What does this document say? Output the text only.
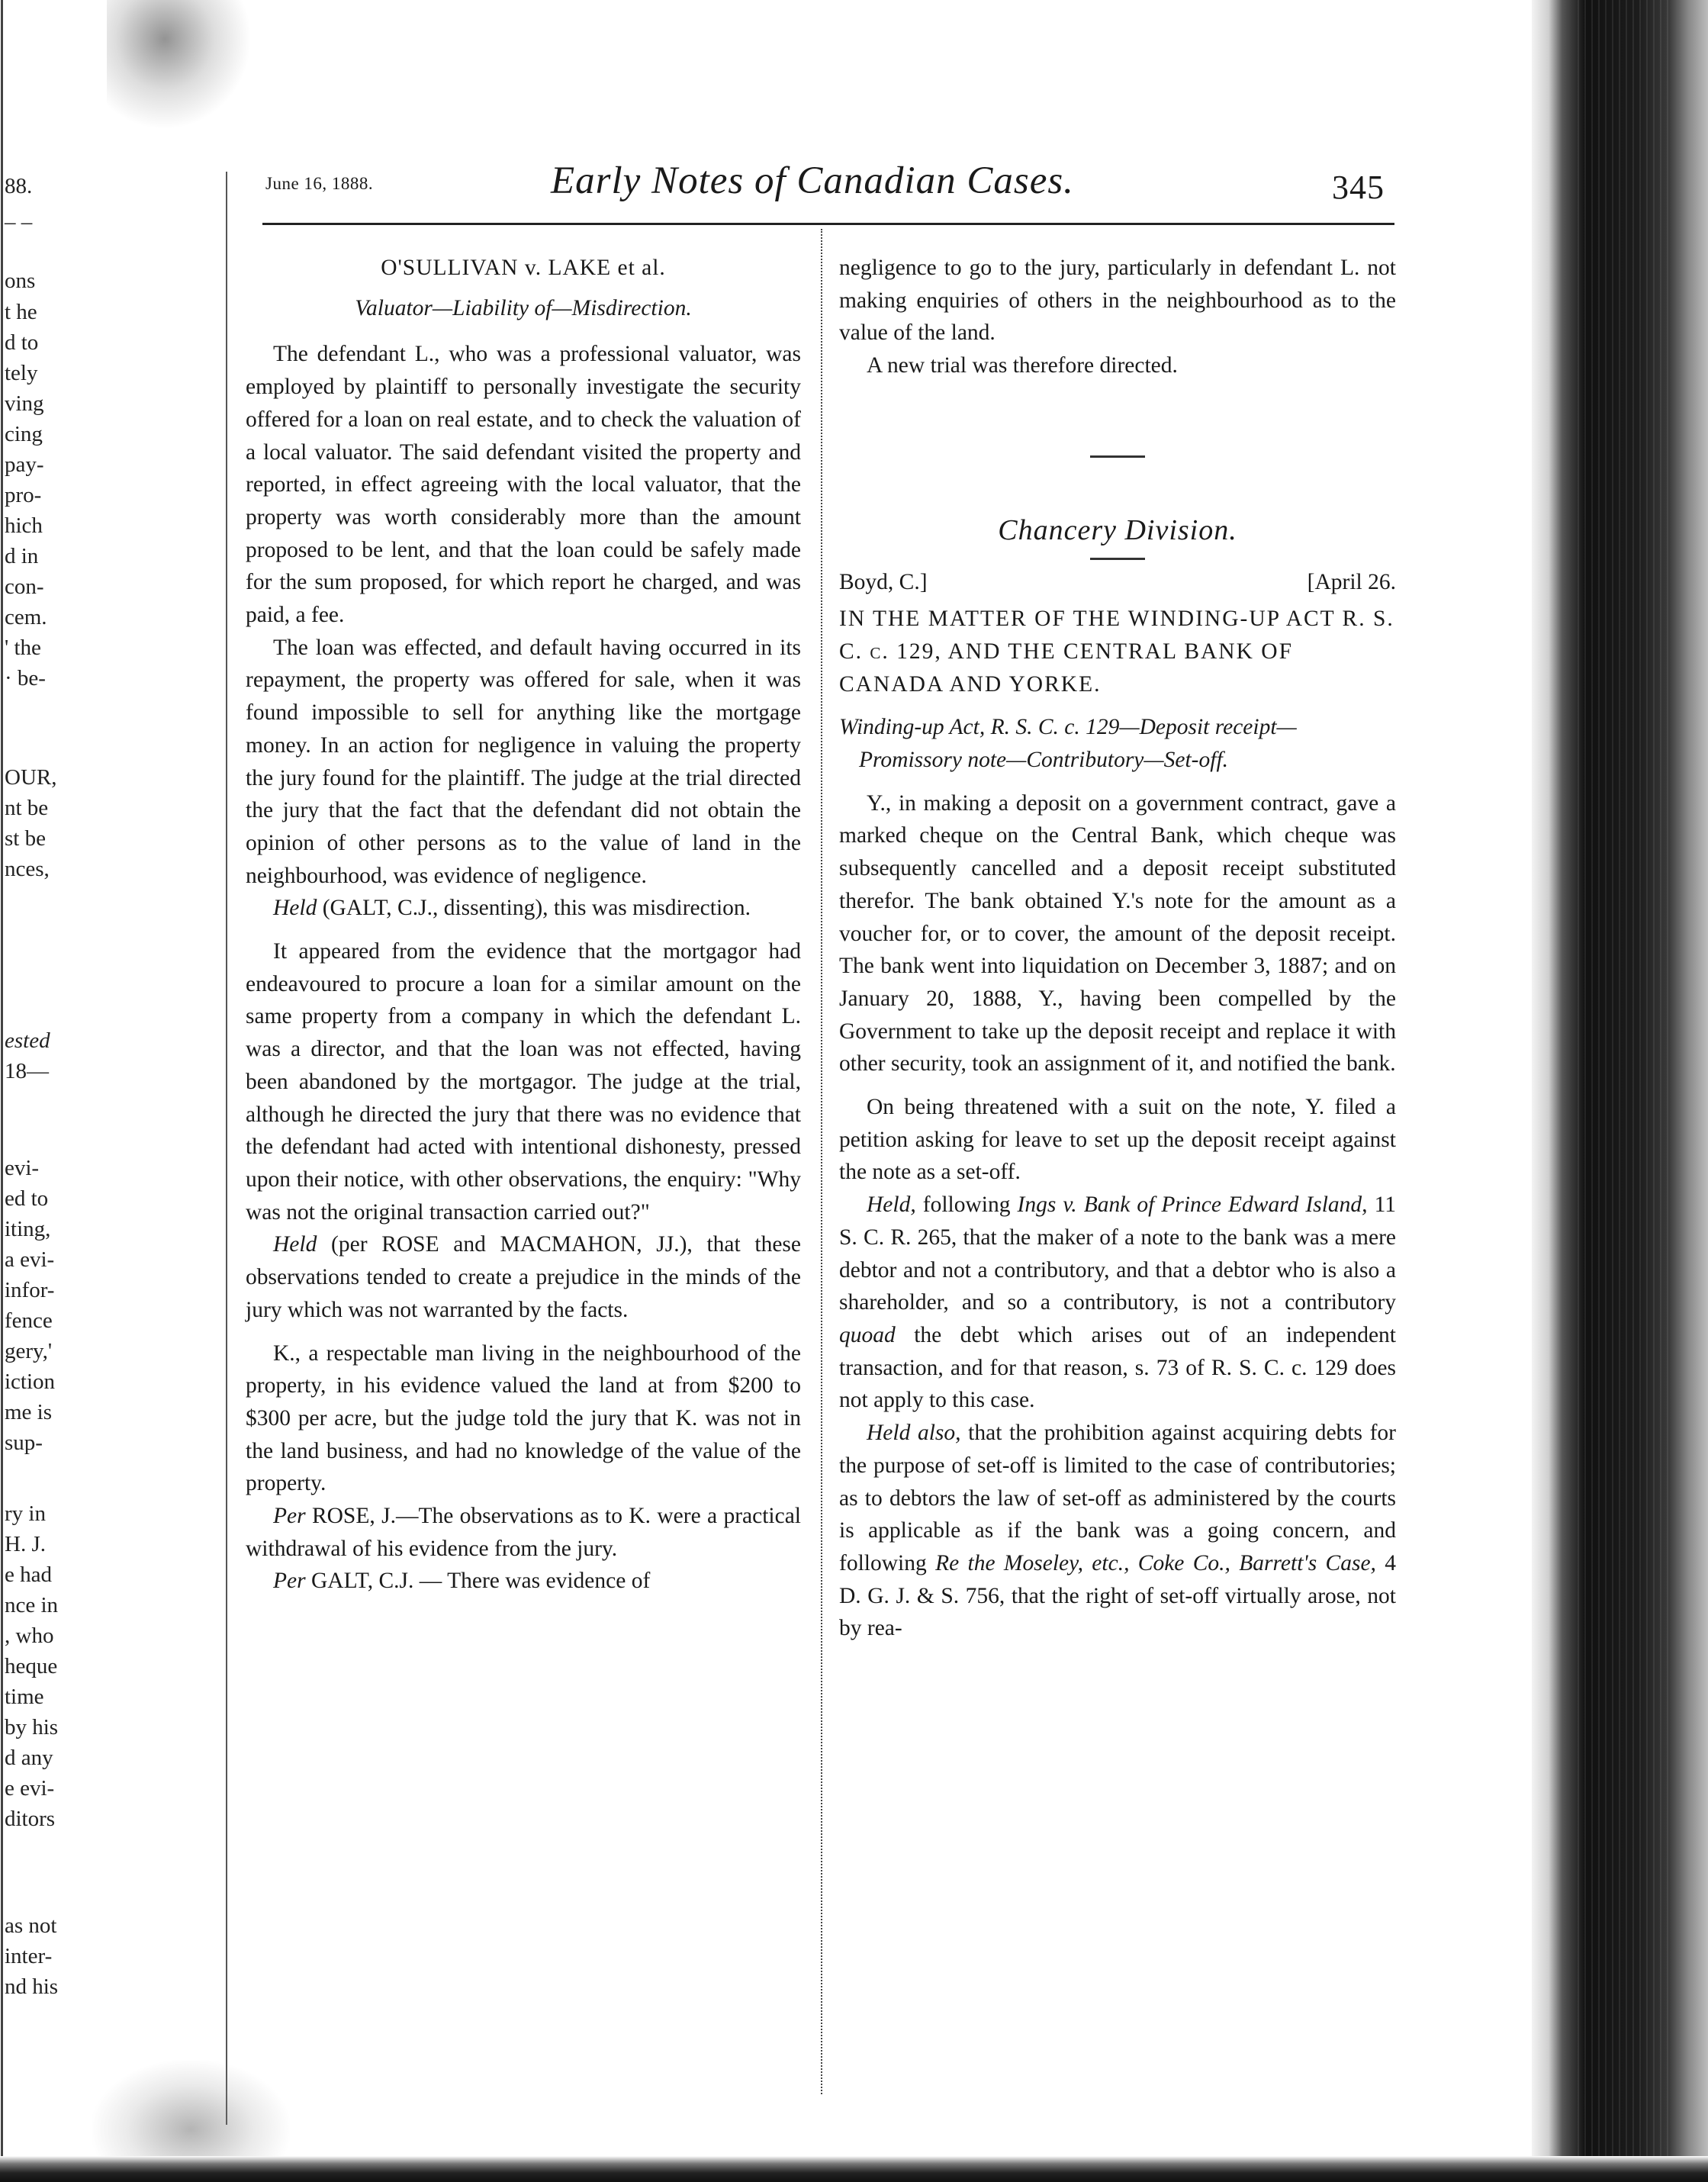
88.
– –
ons
t he
d to
tely
ving
cing
pay-
pro-
hich
d in
con-
cem.
' the
· be-
OUR,
nt be
st be
nces,
ested
18—
evi-
ed to
iting,
a evi-
infor-
fence
gery,'
iction
me is
sup-
ry in
H. J.
e had
nce in
, who
heque
time
by his
d any
e evi-
ditors
as not
inter-
nd his
June 16, 1888.	Early Notes of Canadian Cases.	345

O'SULLIVAN v. LAKE et al.

Valuator—Liability of—Misdirection.

The defendant L., who was a professional valuator, was employed by plaintiff to personally investigate the security offered for a loan on real estate, and to check the valuation of a local valuator. The said defendant visited the property and reported, in effect agreeing with the local valuator, that the property was worth considerably more than the amount proposed to be lent, and that the loan could be safely made for the sum proposed, for which report he charged, and was paid, a fee.

The loan was effected, and default having occurred in its repayment, the property was offered for sale, when it was found impossible to sell for anything like the mortgage money. In an action for negligence in valuing the property the jury found for the plaintiff. The judge at the trial directed the jury that the fact that the defendant did not obtain the opinion of other persons as to the value of land in the neighbourhood, was evidence of negligence.

Held (GALT, C.J., dissenting), this was misdirection.

It appeared from the evidence that the mortgagor had endeavoured to procure a loan for a similar amount on the same property from a company in which the defendant L. was a director, and that the loan was not effected, having been abandoned by the mortgagor. The judge at the trial, although he directed the jury that there was no evidence that the defendant had acted with intentional dishonesty, pressed upon their notice, with other observations, the enquiry: "Why was not the original transaction carried out?"

Held (per ROSE and MACMAHON, JJ.), that these observations tended to create a prejudice in the minds of the jury which was not warranted by the facts.

K., a respectable man living in the neighbourhood of the property, in his evidence valued the land at from $200 to $300 per acre, but the judge told the jury that K. was not in the land business, and had no knowledge of the value of the property.

Per ROSE, J.—The observations as to K. were a practical withdrawal of his evidence from the jury.

Per GALT, C.J. — There was evidence of

negligence to go to the jury, particularly in defendant L. not making enquiries of others in the neighbourhood as to the value of the land.

A new trial was therefore directed.

Chancery Division.

Boyd, C.]	[April 26.

IN THE MATTER OF THE WINDING-UP ACT R. S. C. c. 129, AND THE CENTRAL BANK OF CANADA AND YORKE.

Winding-up Act, R. S. C. c. 129—Deposit receipt—Promissory note—Contributory—Set-off.

Y., in making a deposit on a government contract, gave a marked cheque on the Central Bank, which cheque was subsequently cancelled and a deposit receipt substituted therefor. The bank obtained Y.'s note for the amount as a voucher for, or to cover, the amount of the deposit receipt. The bank went into liquidation on December 3, 1887; and on January 20, 1888, Y., having been compelled by the Government to take up the deposit receipt and replace it with other security, took an assignment of it, and notified the bank.

On being threatened with a suit on the note, Y. filed a petition asking for leave to set up the deposit receipt against the note as a set-off.

Held, following Ings v. Bank of Prince Edward Island, 11 S. C. R. 265, that the maker of a note to the bank was a mere debtor and not a contributory, and that a debtor who is also a shareholder, and so a contributory, is not a contributory quoad the debt which arises out of an independent transaction, and for that reason, s. 73 of R. S. C. c. 129 does not apply to this case.

Held also, that the prohibition against acquiring debts for the purpose of set-off is limited to the case of contributories; as to debtors the law of set-off as administered by the courts is applicable as if the bank was a going concern, and following Re the Moseley, etc., Coke Co., Barrett's Case, 4 D. G. J. & S. 756, that the right of set-off virtually arose, not by rea-
